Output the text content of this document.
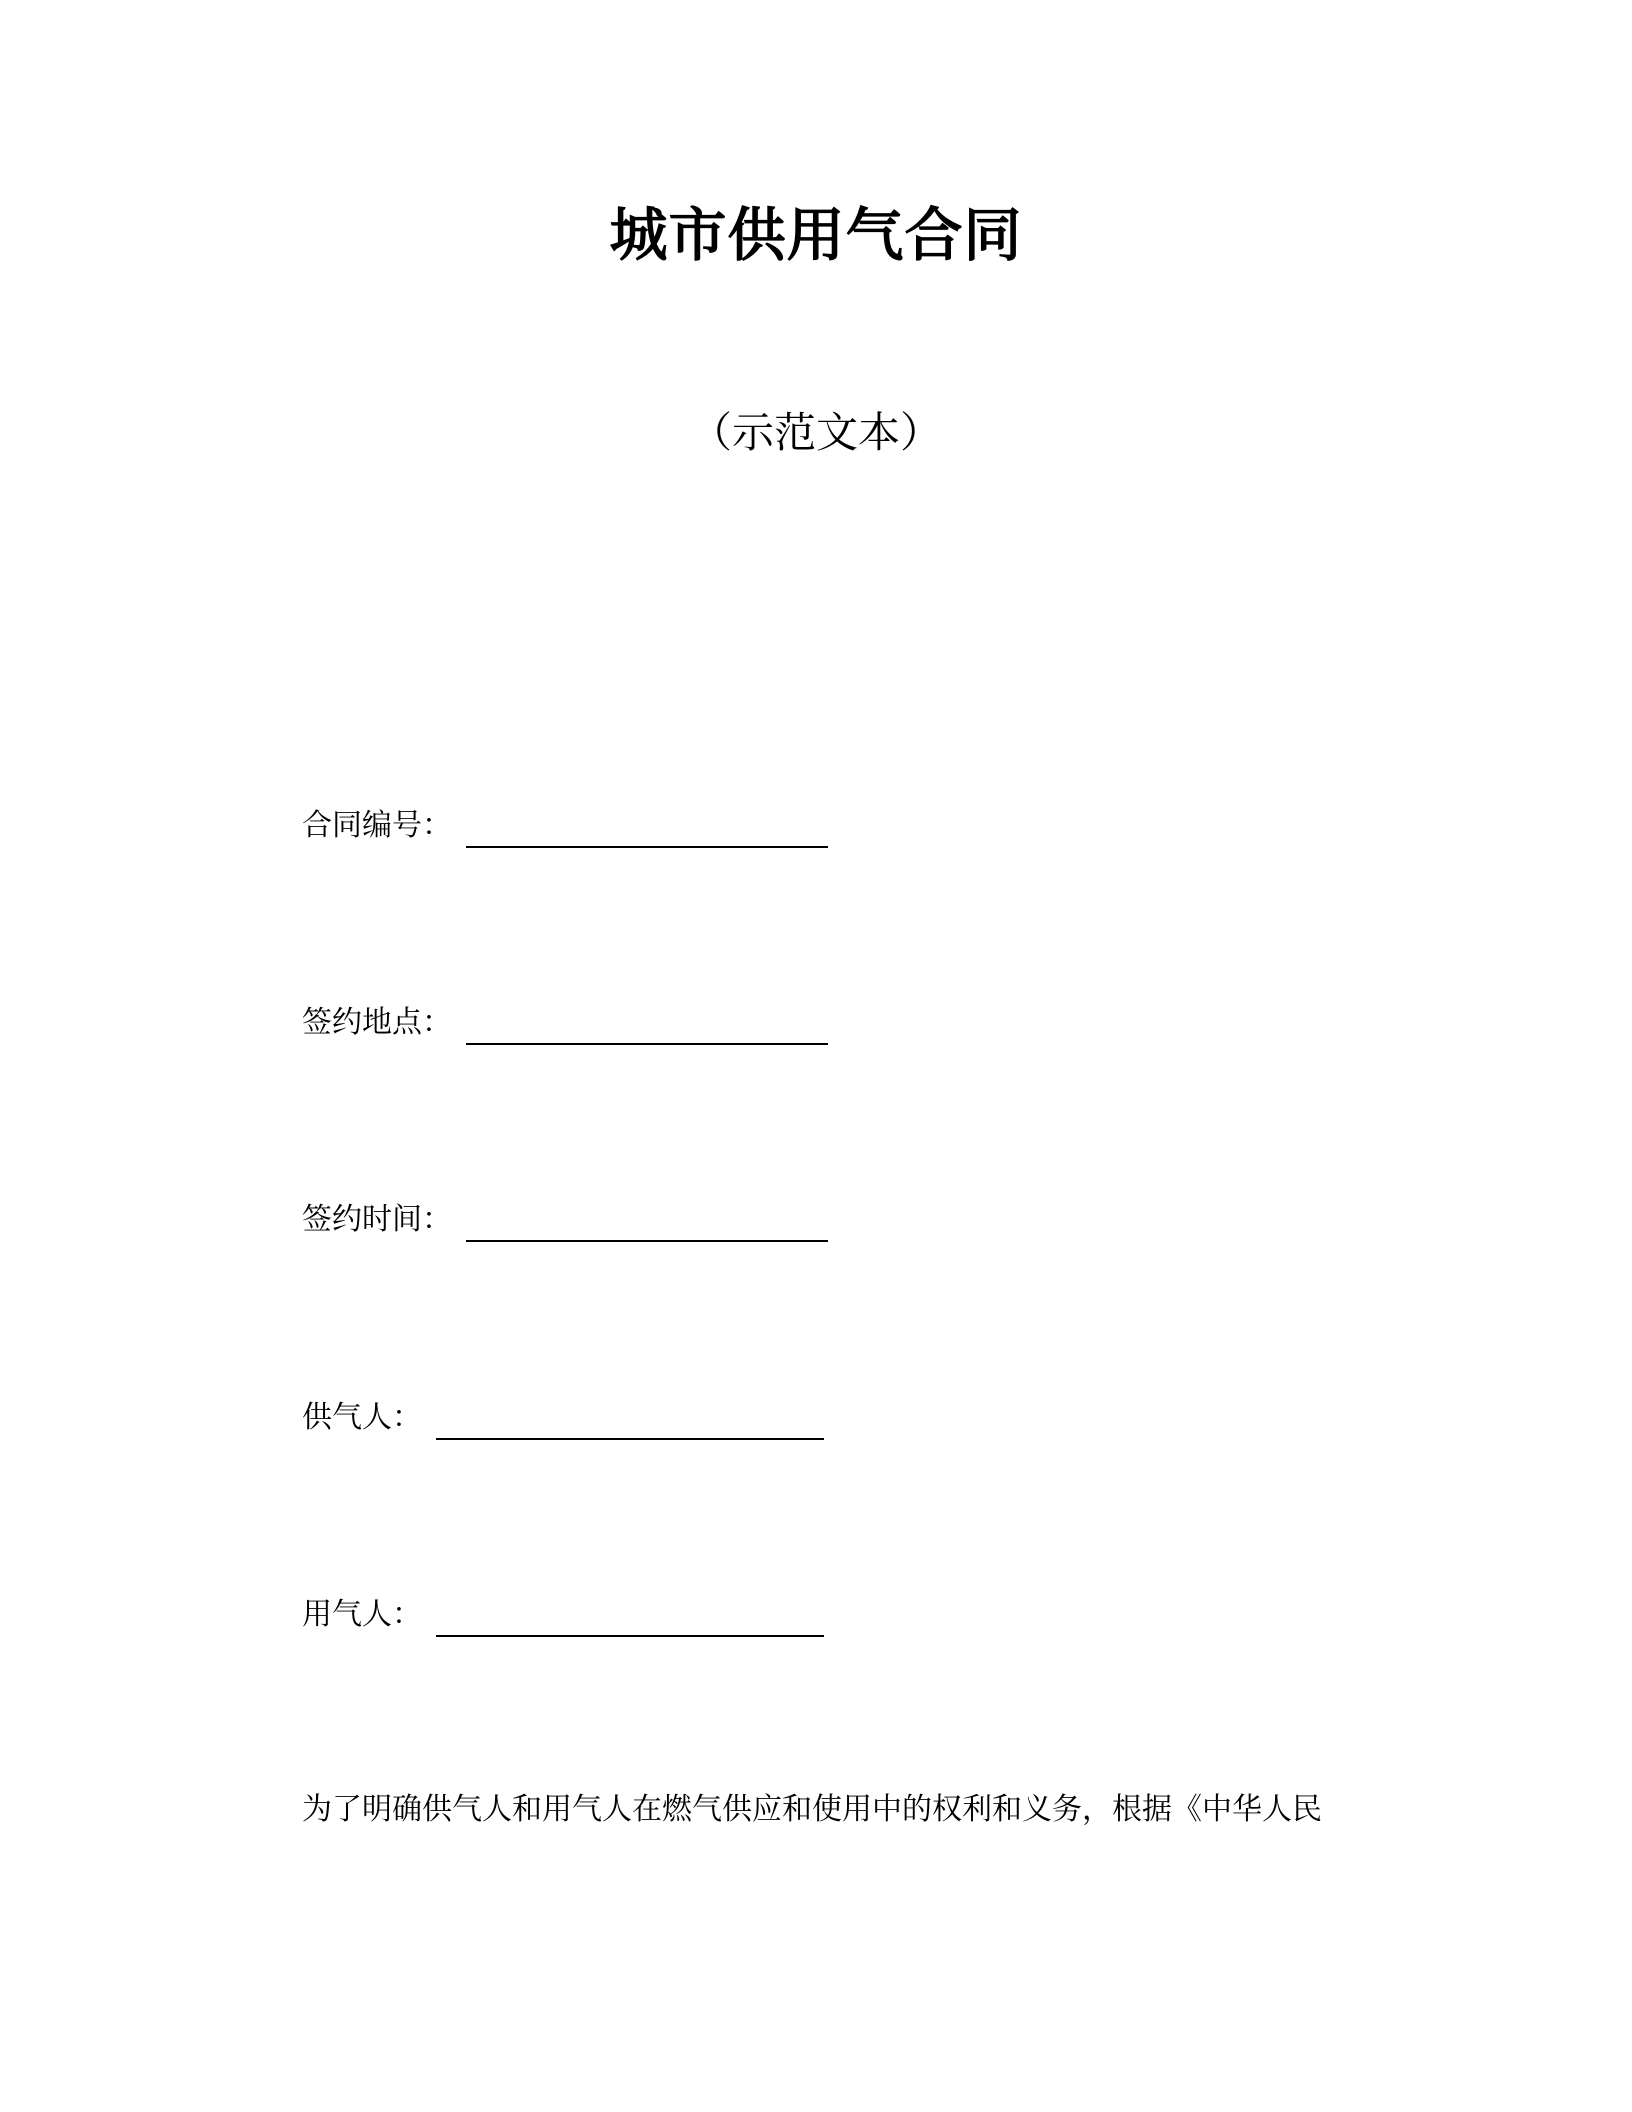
城市供用气合同
（示范文本）
合同编号：
签约地点：
签约时间：
供气人：
用气人：
为了明确供气人和用气人在燃气供应和使用中的权利和义务，根据《中华人民
